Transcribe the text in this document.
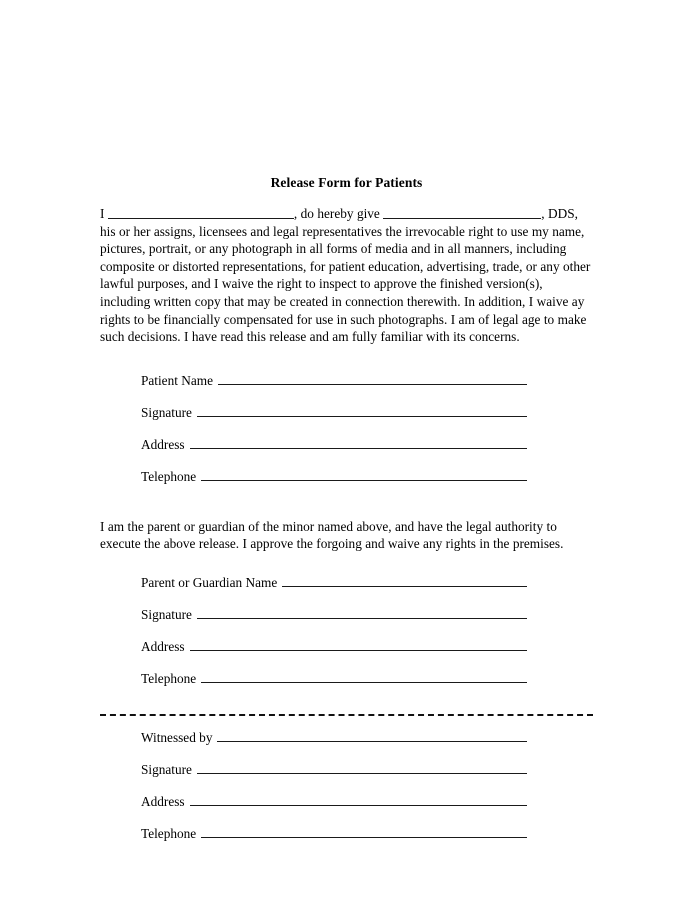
Release Form for Patients

I	, do hereby give	, DDS, his or her assigns, licensees and legal representatives the irrevocable right to use my name, pictures, portrait, or any photograph in all forms of media and in all manners, including composite or distorted representations, for patient education, advertising, trade, or any other lawful purposes, and I waive the right to inspect to approve the finished version(s), including written copy that may be created in connection therewith. In addition, I waive ay rights to be financially compensated for use in such photographs. I am of legal age to make such decisions. I have read this release and am fully familiar with its concerns.

Patient Name
Signature
Address
Telephone

I am the parent or guardian of the minor named above, and have the legal authority to execute the above release. I approve the forgoing and waive any rights in the premises.

Parent or Guardian Name
Signature
Address
Telephone
Witnessed by
Signature
Address
Telephone
